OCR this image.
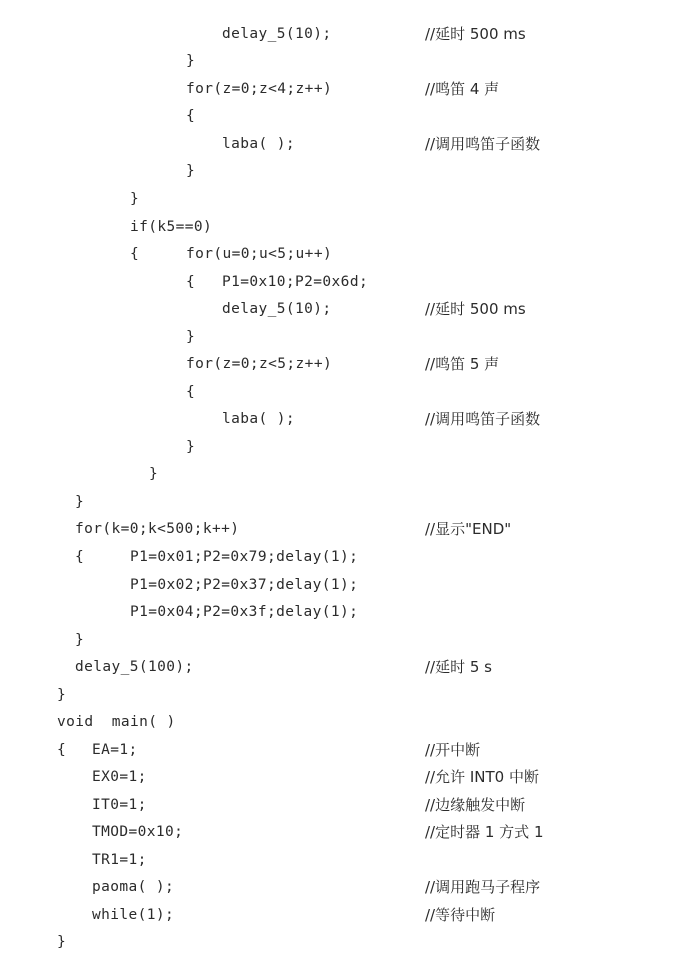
delay_5(10);	//延时 500 ms
}
for(z=0;z<4;z++)	//鸣笛 4 声
{
laba( );	//调用鸣笛子函数
}
}
if(k5==0)
{	for(u=0;u<5;u++)
{ P1=0x10;P2=0x6d;
delay_5(10);	//延时 500 ms
}
for(z=0;z<5;z++)	//鸣笛 5 声
{
laba( );	//调用鸣笛子函数
}
}
}
for(k=0;k<500;k++)	//显示"END"
{	P1=0x01;P2=0x79;delay(1);
P1=0x02;P2=0x37;delay(1);
P1=0x04;P2=0x3f;delay(1);
}
delay_5(100);	//延时 5 s
}
void  main( )
{ EA=1;	//开中断
EX0=1;	//允许 INT0 中断
IT0=1;	//边缘触发中断
TMOD=0x10;	//定时器 1 方式 1
TR1=1;
paoma( );	//调用跑马子程序
while(1);	//等待中断
}
